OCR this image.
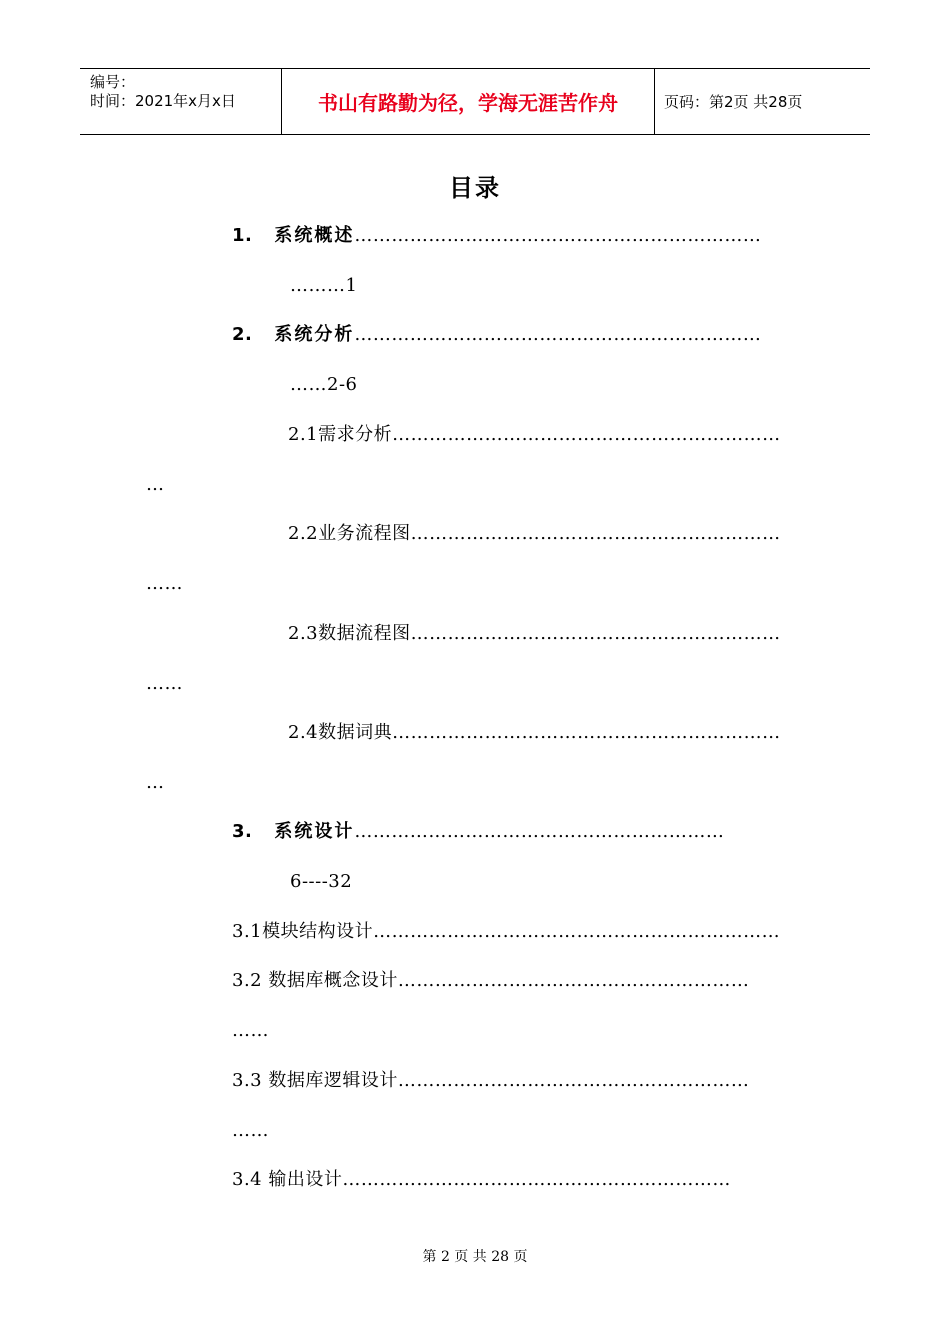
编号：
时间：2021年x月x日	书山有路勤为径，学海无涯苦作舟	页码：第2页 共28页
目录
1. 系统概述…………………………………………………………
………1
2. 系统分析…………………………………………………………
……2-6
2.1需求分析………………………………………………………
…
2.2业务流程图……………………………………………………
……
2.3数据流程图……………………………………………………
……
2.4数据词典………………………………………………………
…
3. 系统设计……………………………………………………
6----32
3.1模块结构设计…………………………………………………………
3.2 数据库概念设计…………………………………………………
……
3.3 数据库逻辑设计…………………………………………………
……
3.4 输出设计………………………………………………………
第 2 页 共 28 页
